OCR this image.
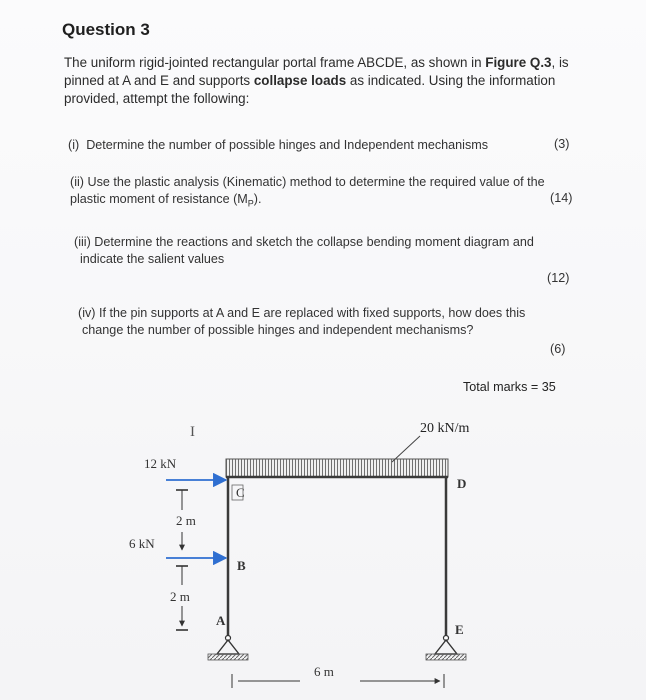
Question 3
The uniform rigid-jointed rectangular portal frame ABCDE, as shown in Figure Q.3, is pinned at A and E and supports collapse loads as indicated. Using the information provided, attempt the following:
(i) Determine the number of possible hinges and Independent mechanisms	(3)
(ii) Use the plastic analysis (Kinematic) method to determine the required value of the
plastic moment of resistance $(M_P)$.	(14)
(iii) Determine the reactions and sketch the collapse bending moment diagram and
indicate the salient values
(12)
(iv) If the pin supports at A and E are replaced with fixed supports, how does this
change the number of possible hinges and independent mechanisms?
(6)
Total marks = 35
I	20 kN/m
C
D
B
A
E
12 kN
6 kN
2 m
2 m
6 m
